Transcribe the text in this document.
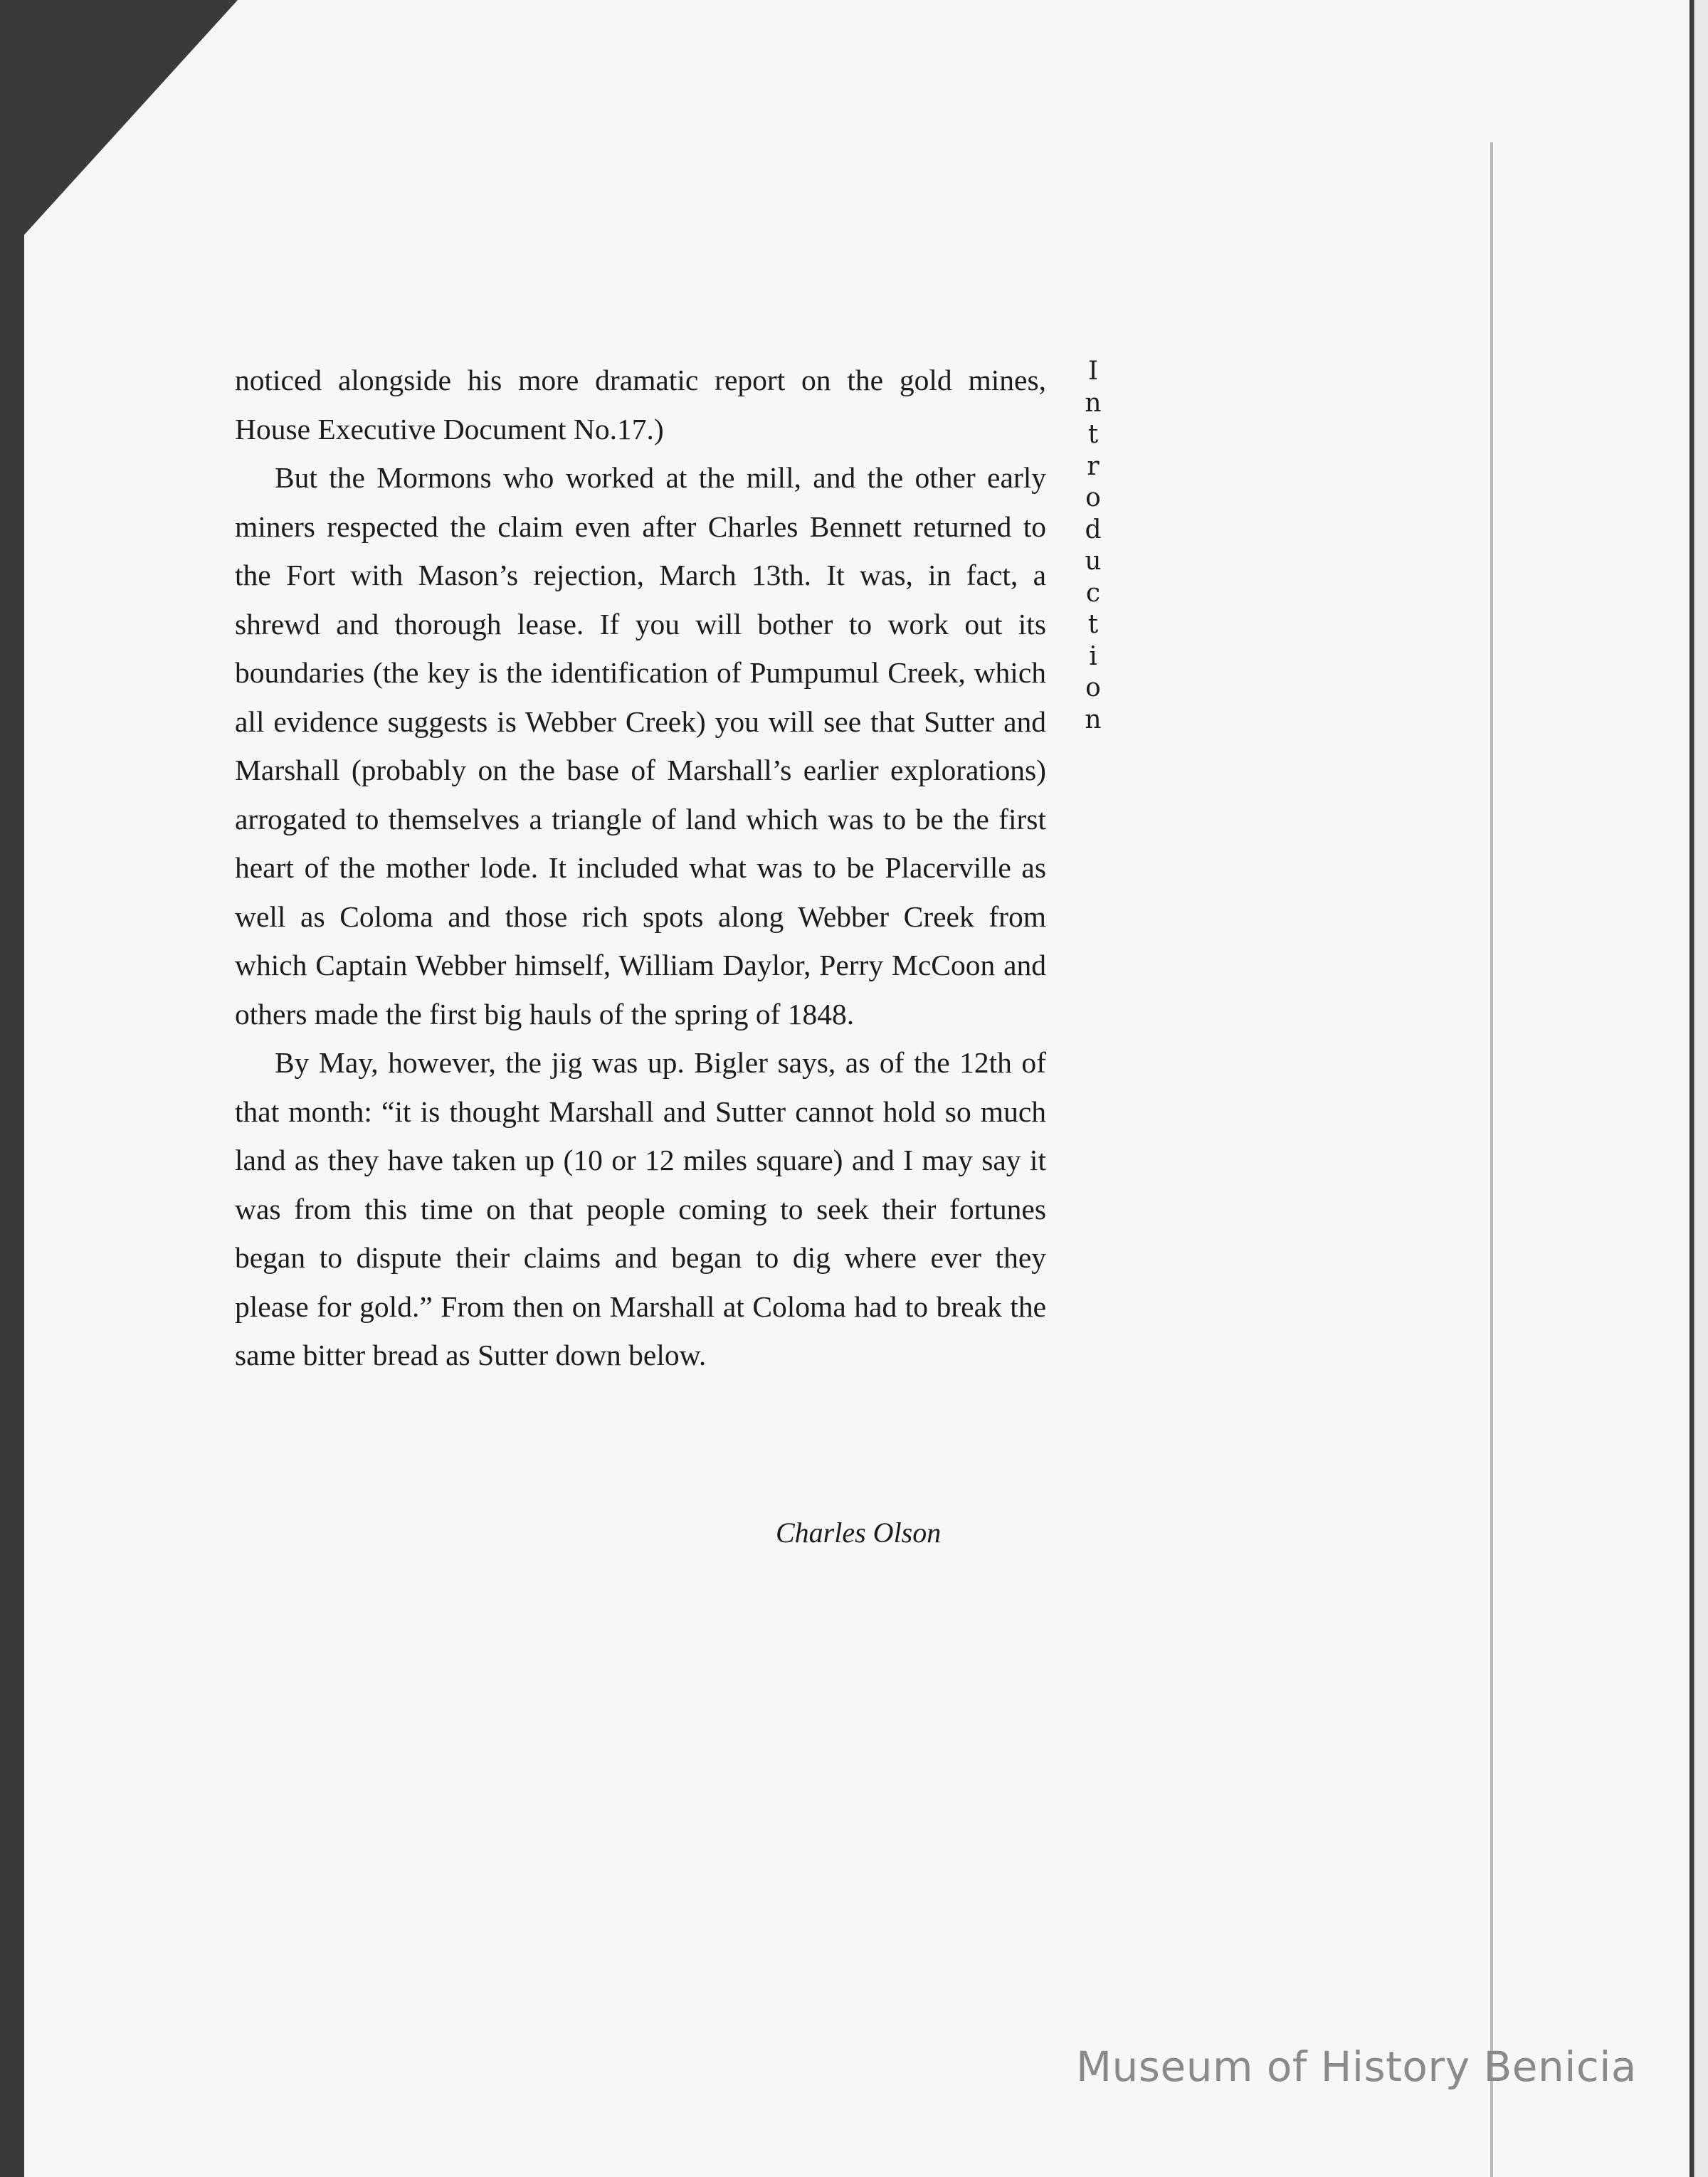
noticed alongside his more dramatic report on the gold mines, House Executive Document No.17.)

But the Mormons who worked at the mill, and the other early miners respected the claim even after Charles Bennett returned to the Fort with Mason’s rejection, March 13th. It was, in fact, a shrewd and thorough lease. If you will bother to work out its boundaries (the key is the identification of Pumpumul Creek, which all evidence suggests is Webber Creek) you will see that Sutter and Marshall (probably on the base of Marshall’s earlier explorations) arrogated to themselves a triangle of land which was to be the first heart of the mother lode. It included what was to be Placerville as well as Coloma and those rich spots along Webber Creek from which Captain Webber himself, William Daylor, Perry McCoon and others made the first big hauls of the spring of 1848.

By May, however, the jig was up. Bigler says, as of the 12th of that month: “it is thought Marshall and Sutter cannot hold so much land as they have taken up (10 or 12 miles square) and I may say it was from this time on that people coming to seek their fortunes began to dispute their claims and began to dig where ever they please for gold.” From then on Marshall at Coloma had to break the same bitter bread as Sutter down below.

Charles Olson
I
n
t
r
o
d
u
c
t
i
o
n
Museum of History Benicia
